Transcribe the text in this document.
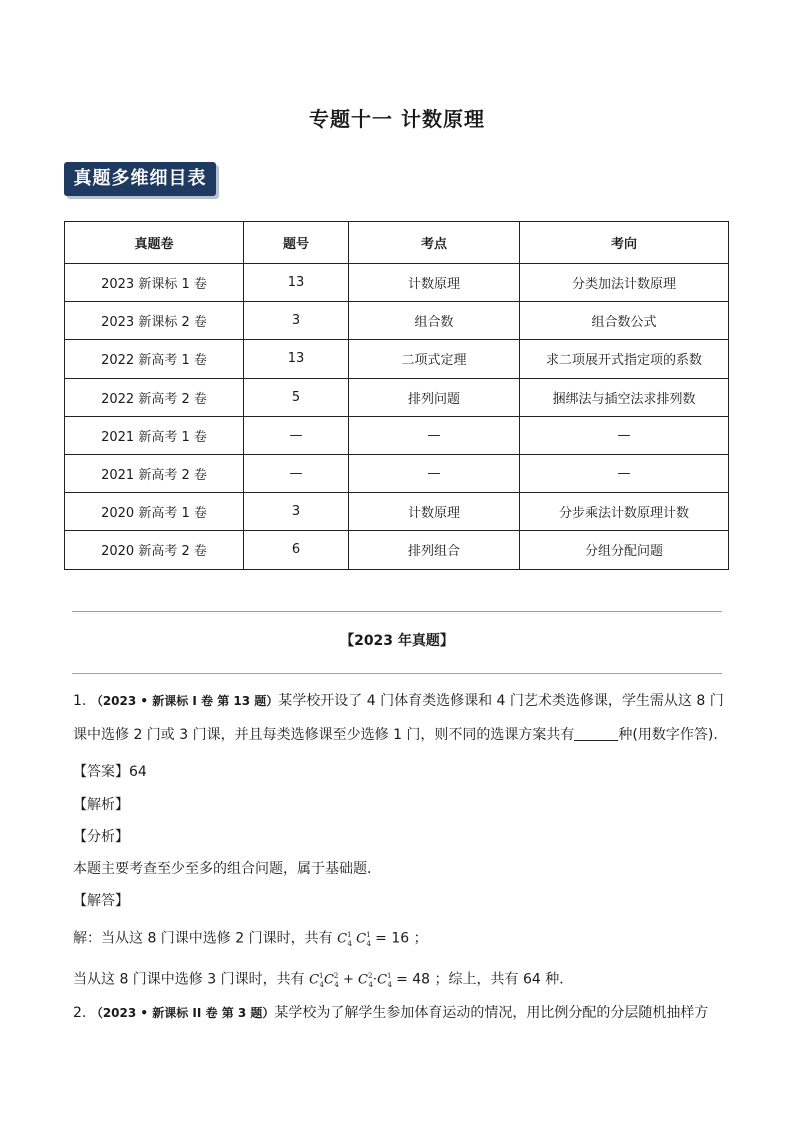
专题十一 计数原理
真题多维细目表
真题卷	题号	考点	考向
2023 新课标 1 卷	13	计数原理	分类加法计数原理
2023 新课标 2 卷	3	组合数	组合数公式
2022 新高考 1 卷	13	二项式定理	求二项展开式指定项的系数
2022 新高考 2 卷	5	排列问题	捆绑法与插空法求排列数
2021 新高考 1 卷	—	—	—
2021 新高考 2 卷	—	—	—
2020 新高考 1 卷	3	计数原理	分步乘法计数原理计数
2020 新高考 2 卷	6	排列组合	分组分配问题
【2023 年真题】
1. （2023 • 新课标 I 卷 第 13 题）某学校开设了 4 门体育类选修课和 4 门艺术类选修课，学生需从这 8 门
课中选修 2 门或 3 门课，并且每类选修课至少选修 1 门，则不同的选课方案共有	种(用数字作答).
【答案】64
【解析】
【分析】
本题主要考查至少至多的组合问题，属于基础题．
【解答】
解：当从这 8 门课中选修 2 门课时，共有 $C^1_4$ $C^1_4 = 16$ ；
当从这 8 门课中选修 3 门课时，共有 $C^1_4C^2_4 + C^2_4\cdot C^1_4 = 48$ ；综上，共有 64 种．
2. （2023 • 新课标 II 卷 第 3 题）某学校为了解学生参加体育运动的情况，用比例分配的分层随机抽样方
